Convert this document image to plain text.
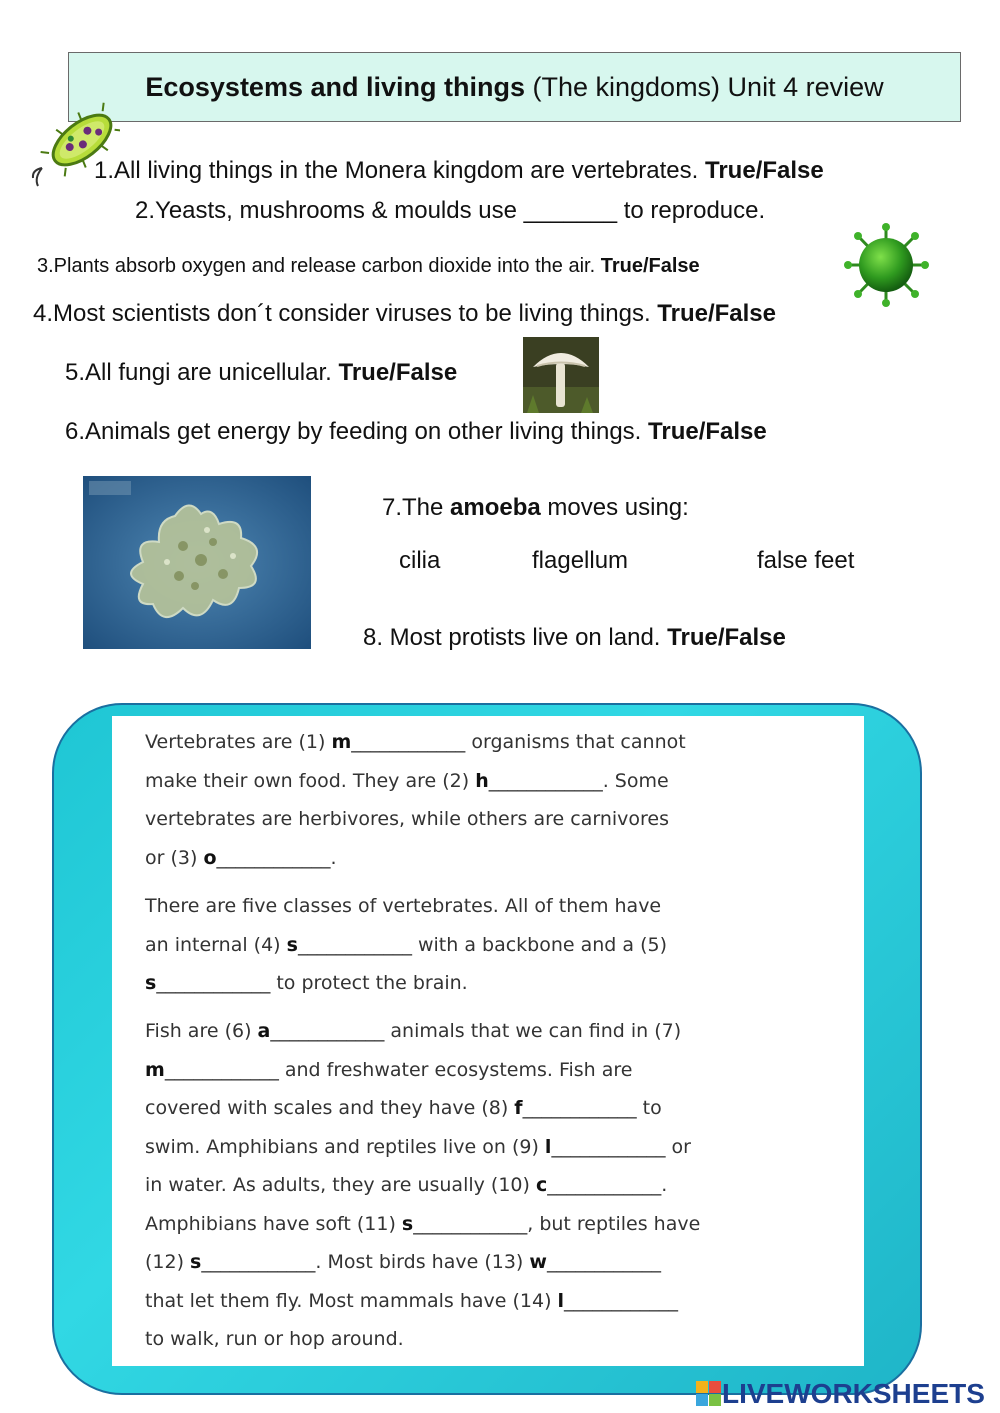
Ecosystems and living things (The kingdoms) Unit 4 review
1.All living things in the Monera kingdom are vertebrates. True/False
2.Yeasts, mushrooms & moulds use _______ to reproduce.
3.Plants absorb oxygen and release carbon dioxide into the air. True/False
4.Most scientists don´t consider viruses to be living things. True/False
5.All fungi are unicellular. True/False
6.Animals get energy by feeding on other living things. True/False
7.The amoeba moves using:
cilia	flagellum	false feet
8. Most protists live on land. True/False
Vertebrates are (1) m____________ organisms that cannot
make their own food. They are (2) h____________. Some
vertebrates are herbivores, while others are carnivores
or (3) o____________.
There are five classes of vertebrates. All of them have
an internal (4) s____________ with a backbone and a (5)
s____________ to protect the brain.
Fish are (6) a____________ animals that we can find in (7)
m____________ and freshwater ecosystems. Fish are
covered with scales and they have (8) f____________ to
swim. Amphibians and reptiles live on (9) l____________ or
in water. As adults, they are usually (10) c____________.
Amphibians have soft (11) s____________, but reptiles have
(12) s____________. Most birds have (13) w____________
that let them fly. Most mammals have (14) l____________
to walk, run or hop around.
LIVEWORKSHEETS
